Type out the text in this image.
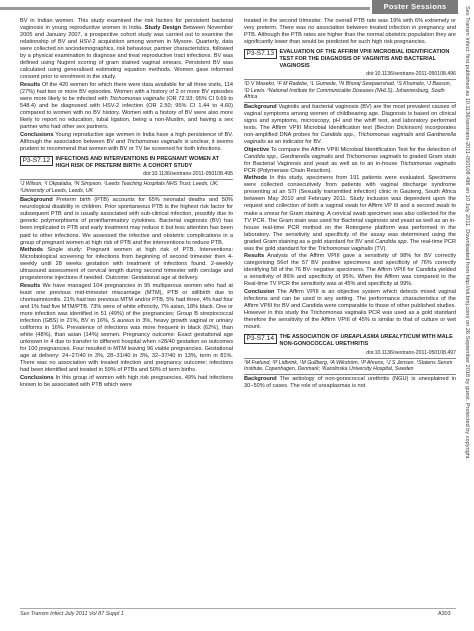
Poster Sessions	Sex Transm Infect: first published as 10.1136/sextrans-2011-050108.496 on 10 July 2011. Downloaded from http://sti.bmj.com/ on 26 September 2018 by guest. Protected by copyright.

BV in Indian women. This study examined the risk factors for persistent bacterial vaginosis in young reproductive women in India. Study Design Between November 2005 and January 2007, a prospective cohort study was carried out to examine the relationship of BV and HSV-2 acquisition among women in Mysore. Quarterly, data were collected on sociodemographics, risk behaviour, partner characteristics, followed by a physical examination to diagnose and treat reproductive tract infections. BV was defined using Nugent scoring of gram stained vaginal smears. Persistent BV was calculated using generalised estimating equation methods. Women gave informed consent prior to enrolment in the study.

Results Of the 420 women for which there were data available for all three visits, 114 (27%) had two or more BV episodes. Women with a history of 2 or more BV episodes were more likely to be infected with Trichomonas vaginalis (OR 72.93; 95% CI 9.69 to 548.4) and be diagnosed with HSV-2 infection (OR 2.50; 95% CI 1.44 to 4.60) compared to women with no BV history. Women with a history of BV were also more likely to report no education, tubal ligation, being a non-Muslim, and having a sex partner who had other sex partners.

Conclusions Young reproductive age women in India have a high persistence of BV. Although the association between BV and Trichomonas vaginalis is unclear, it seems prudent to recommend that women with BV or TV be screened for both infections.

P3-S7.12	INFECTIONS AND INTERVENTIONS IN PREGNANT WOMEN AT HIGH RISK OF PRETERM BIRTH: A COHORT STUDY
doi:10.1136/sextrans-2011-050108.495
¹J Wilson, ¹I Okpalaba, ²N Simpson. ¹Leeds Teaching Hospitals NHS Trust, Leeds, UK; ²University of Leeds, Leeds, UK

Background Preterm birth (PTB) accounts for 65% neonatal deaths and 50% neurological disability in children. Prior spontaneous PTB is the highest risk factor for subsequent PTB and is usually associated with sub-clinical infection, possibly due to genetic polymorphisms of proinflammatory cytokines. Bacterial vaginosis (BV) has been implicated in PTB and early treatment may reduce it but less attention has been paid to other infections. We assessed the infective and obstetric complications in a group of pregnant women at high risk of PTB and the interventions to reduce PTB.

Methods Single study: Pregnant women at high risk of PTB. Interventions: Microbiological screening for infections from beginning of second trimester then 4-weekly until 28 weeks gestation with treatment of infections found. 2-weekly ultrasound assessment of cervical length during second trimester with cerclage and progesterone injections if needed. Outcome: Gestational age at delivery.

Results We have managed 104 pregnancies in 95 multiparous women who had at least one previous mid-trimester miscarriage (MTM), PTB or stillbirth due to chorioamnionitis. 21% had two previous MTM and/or PTB, 5% had three, 4% had four and 1% had five MTM/PTB. 73% were of white ethnicity, 7% asian, 18% black. One or more infection was identified in 51 (49%) of the pregnancies; Group B streptococcal infection (GBS) in 21%, BV in 16%, S aureus in 3%, heavy growth vaginal or urinary coliforms in 16%. Prevalence of infections was more frequent in black (62%), than white (48%), than asian (14%) women. Pregnancy outcome: Exact gestational age unknown in 4 due to transfer to different hospital when >28/40 gestation so outcomes for 100 pregnancies. Four resulted in MTM leaving 96 viable pregnancies. Gestational age at delivery: 24−27/40 in 3%, 28−31/40 in 3%, 32−37/40 in 13%, term in 81%. There was no association with treated infection and pregnancy outcome; infections had been identified and treated in 59% of PTBs and 50% of term births.

Conclusions In this group of women with high risk pregnancies, 49% had infections known to be associated with PTB which were

treated in the second trimester. The overall PTB rate was 19% with 6% extremely or very preterm. There was no association between treated infection in pregnancy and PTB. Although the PTB rates are higher than the normal obstetric population they are significantly lower than would be predicted for such high risk pregnancies.

P3-S7.13	EVALUATION OF THE AFFIRM VPIII MICROBIAL IDENTIFICATION TEST FOR THE DIAGNOSIS OF VAGINITIS AND BACTERIAL VAGINOSIS
doi:10.1136/sextrans-2011-050108.496
¹D V Maseko, ¹F M Radebe, ¹L Gumede, ¹N Bhoraj Sewpaershad, ¹S Khumalo, ¹J Basson, ¹D Lewis. ¹National Institute for Communicable Diseases (NHLS), Johannesburg, South Africa

Background Vaginitis and bacterial vaginosis (BV) are the most prevalent causes of vaginal symptoms among women of childbearing age. Diagnosis is based on clinical signs and symptoms, microscopy, pH and the whiff test, and laboratory performed tests. The Affirm VPIII Microbial Identification test (Becton Dickinson) incorporates non-amplified DNA probes for Candida spp., Trichomonas vaginalis and Gardnerella vaginalis as an indicator for BV.

Objective To compare the Affirm VPIII Microbial Identification Test for the detection of Candida spp., Gardnerella vaginalis and Trichomonas vaginalis to graded Gram stain for Bacterial Vaginosis and yeast as well as to an in-house Trichomonas vaginalis PCR (Polymerase Chain Reaction).

Methods In this study, specimens from 191 patients were evaluated. Specimens were collected consecutively from patients with vaginal discharge syndrome presenting at an STI (Sexually transmitted infection) clinic in Gauteng, South Africa between May 2010 and February 2011. Study inclusion was dependent upon the request and collection of both a vaginal swab for Affirm VP III and a second swab to make a smear for Gram staining. A cervical swab specimen was also collected for the TV PCR. The Gram stain was used for Bacterial vaginosis and yeast as well as an in-house real-time PCR method on the Rotorgene platform was performed in the laboratory. The sensitivity and specificity of the assay was determined using the graded Gram staining as a gold standard for BV and Candida spp. The real-time PCR was the gold standard for the Trichomonas vaginalis (TV).

Results Analysis of the Affirm VPIII gave a sensitivity of 98% for BV correctly categorising 56of the 57 BV positive specimens and specificity of 76% correctly identifying 58 of the 76 BV- negative specimens. The Affirm VPIII for Candida yielded a sensitivity of 86% and specificity of 95%. When the Affirm was compared to the Real-time TV PCR the sensitivity was at 45% and specificity at 99%.

Conclusion The Affirm VPIII is an objective system which detects mixed vaginal infections and can be used in any setting. The performance characteristics of the Affirm VPIII for BV and Candida were comparable to those of other published studies. However in this study the Trichomonas vaginalis PCR was used as a gold standard therefore the sensitivity of the Affirm VPIII of 45% is similar to that of culture or wet mount.

P3-S7.14	THE ASSOCIATION OF UREAPLASMA UREALYTICUM WITH MALE NON-GONOCOCCAL URETHRITIS
doi:10.1136/sextrans-2011-050108.497
¹M Frølund, ²P Lidbrink, ¹M Gullberg, ²A Wikström, ¹P Ahrens, ¹J S Jensen. ¹Statens Serum Institute, Copenhagen, Denmark; ²Karolinska University Hospital, Sweden

Background The aetiology of non-gonococcal urethritis (NGU) is unexplained in 30−50% of cases. The role of ureaplasmas is not

Sex Transm Infect July 2011 Vol 87 Suppl 1	A303
